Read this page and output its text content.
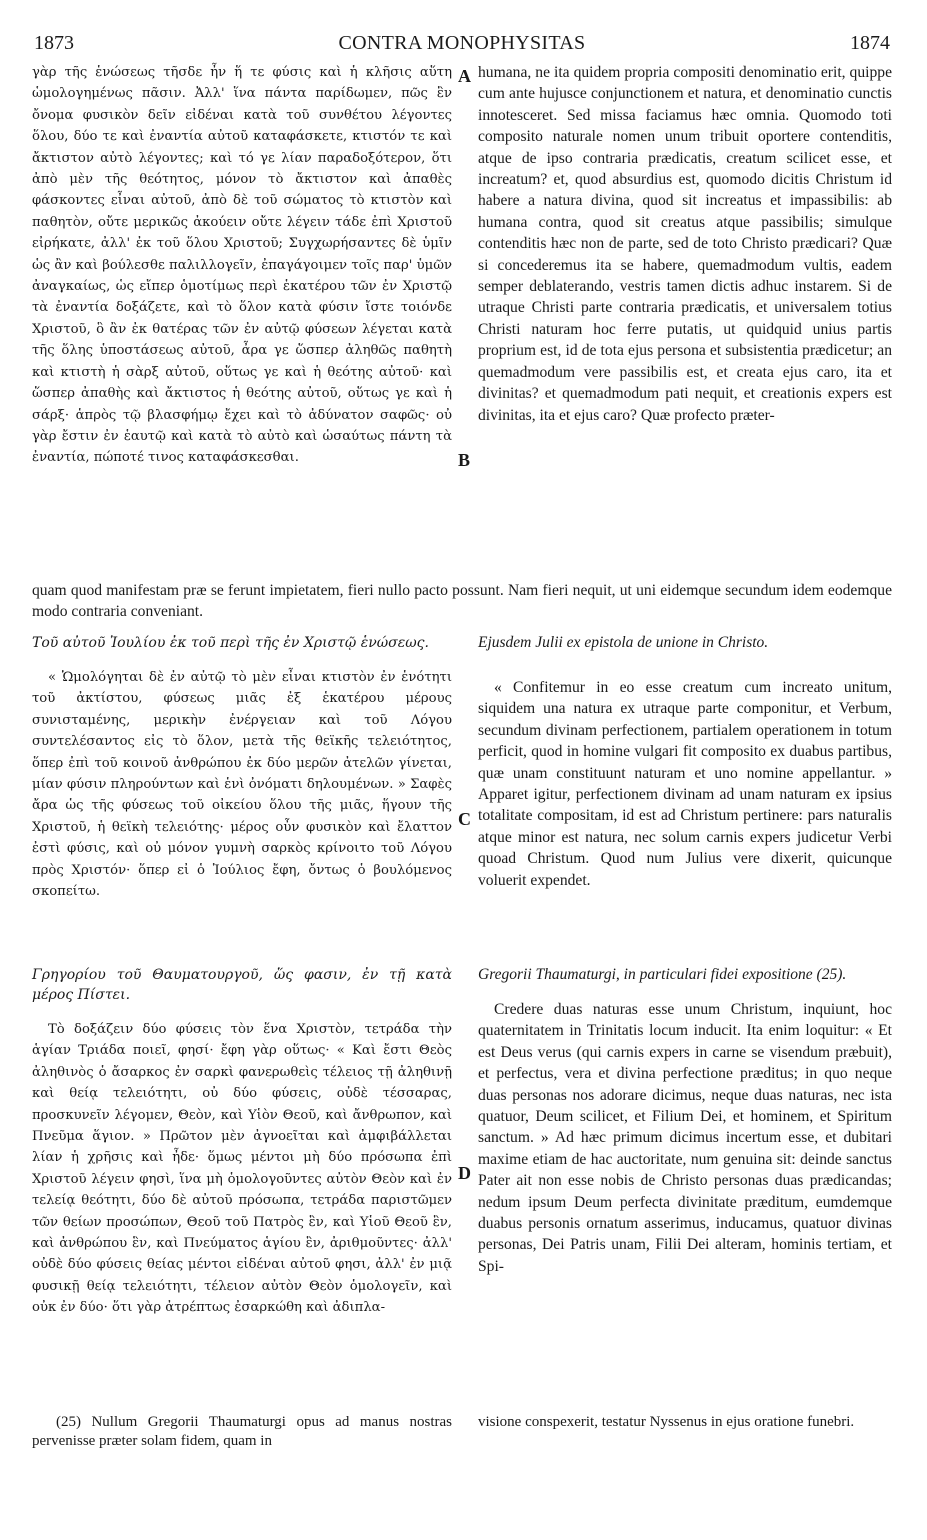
1873	CONTRA MONOPHYSITAS	1874
A
B
C
D

γὰρ τῆς ἑνώσεως τῆσδε ἦν ἥ τε φύσις καὶ ἡ κλῆσις αὕτη ὡμολογημένως πᾶσιν. Ἀλλ' ἵνα πάντα παρίδωμεν, πῶς ἓν ὄνομα φυσικὸν δεῖν εἰδέναι κατὰ τοῦ συνθέτου λέγοντες ὅλου, δύο τε καὶ ἐναντία αὐτοῦ καταφάσκετε, κτιστόν τε καὶ ἄκτιστον αὐτὸ λέγοντες; καὶ τό γε λίαν παραδοξότερον, ὅτι ἀπὸ μὲν τῆς θεότητος, μόνον τὸ ἄκτιστον καὶ ἀπαθὲς φάσκοντες εἶναι αὐτοῦ, ἀπὸ δὲ τοῦ σώματος τὸ κτιστὸν καὶ παθητὸν, οὔτε μερικῶς ἀκούειν οὔτε λέγειν τάδε ἐπὶ Χριστοῦ εἰρήκατε, ἀλλ' ἐκ τοῦ ὅλου Χριστοῦ; Συγχωρήσαντες δὲ ὑμῖν ὡς ἂν καὶ βούλεσθε παλιλλογεῖν, ἐπαγάγοιμεν τοῖς παρ' ὑμῶν ἀναγκαίως, ὡς εἴπερ ὁμοτίμως περὶ ἑκατέρου τῶν ἐν Χριστῷ τὰ ἐναντία δοξάζετε, καὶ τὸ ὅλον κατὰ φύσιν ἴστε τοιόνδε Χριστοῦ, ὃ ἂν ἐκ θατέρας τῶν ἐν αὐτῷ φύσεων λέγεται κατὰ τῆς ὅλης ὑποστάσεως αὐτοῦ, ἆρα γε ὥσπερ ἀληθῶς παθητὴ καὶ κτιστὴ ἡ σὰρξ αὐτοῦ, οὕτως γε καὶ ἡ θεότης αὐτοῦ· καὶ ὥσπερ ἀπαθὴς καὶ ἄκτιστος ἡ θεότης αὐτοῦ, οὕτως γε καὶ ἡ σάρξ· ἁπρὸς τῷ βλασφήμῳ ἔχει καὶ τὸ ἀδύνατον σαφῶς· οὐ γὰρ ἔστιν ἐν ἑαυτῷ καὶ κατὰ τὸ αὐτὸ καὶ ὡσαύτως πάντη τὰ ἐναντία, πώποτέ τινος καταφάσκεσθαι.

humana, ne ita quidem propria compositi denominatio erit, quippe cum ante hujusce conjunctionem et natura, et denominatio cunctis innotesceret. Sed missa faciamus hæc omnia. Quomodo toti composito naturale nomen unum tribuit oportere contenditis, atque de ipso contraria prædicatis, creatum scilicet esse, et increatum? et, quod absurdius est, quomodo dicitis Christum id habere a natura divina, quod sit increatus et impassibilis: ab humana contra, quod sit creatus atque passibilis; simulque contenditis hæc non de parte, sed de toto Christo prædicari? Quæ si concederemus ita se habere, quemadmodum vultis, eadem semper deblaterando, vestris tamen dictis adhuc instarem. Si de utraque Christi parte contraria prædicatis, et universalem totius Christi naturam hoc ferre putatis, ut quidquid unius partis proprium est, id de tota ejus persona et subsistentia prædicetur; an quemadmodum vere passibilis est, et creata ejus caro, ita et divinitas? et quemadmodum pati nequit, et creationis expers est divinitas, ita et ejus caro? Quæ profecto præter-

quam quod manifestam præ se ferunt impietatem, fieri nullo pacto possunt. Nam fieri nequit, ut uni eidemque secundum idem eodemque modo contraria conveniant.

Τοῦ αὐτοῦ Ἰουλίου ἐκ τοῦ περὶ τῆς ἐν Χριστῷ ἑνώσεως.

« Ὡμολόγηται δὲ ἐν αὐτῷ τὸ μὲν εἶναι κτιστὸν ἐν ἑνότητι τοῦ ἀκτίστου, φύσεως μιᾶς ἐξ ἑκατέρου μέρους συνισταμένης, μερικὴν ἐνέργειαν καὶ τοῦ Λόγου συντελέσαντος εἰς τὸ ὅλον, μετὰ τῆς θεϊκῆς τελειότητος, ὅπερ ἐπὶ τοῦ κοινοῦ ἀνθρώπου ἐκ δύο μερῶν ἀτελῶν γίνεται, μίαν φύσιν πληρούντων καὶ ἑνὶ ὀνόματι δηλουμένων. » Σαφὲς ἄρα ὡς τῆς φύσεως τοῦ οἰκείου ὅλου τῆς μιᾶς, ἥγουν τῆς Χριστοῦ, ἡ θεϊκὴ τελειότης· μέρος οὖν φυσικὸν καὶ ἔλαττον ἐστὶ φύσις, καὶ οὐ μόνον γυμνὴ σαρκὸς κρίνοιτο τοῦ Λόγου πρὸς Χριστόν· ὅπερ εἰ ὁ Ἰούλιος ἔφη, ὄντως ὁ βουλόμενος σκοπείτω.

Ejusdem Julii ex epistola de unione in Christo.

« Confitemur in eo esse creatum cum increato unitum, siquidem una natura ex utraque parte componitur, et Verbum, secundum divinam perfectionem, partialem operationem in totum perficit, quod in homine vulgari fit composito ex duabus partibus, quæ unam constituunt naturam et uno nomine appellantur. » Apparet igitur, perfectionem divinam ad unam naturam ex ipsius totalitate compositam, id est ad Christum pertinere: pars naturalis atque minor est natura, nec solum carnis expers judicetur Verbi quoad Christum. Quod num Julius vere dixerit, quicunque voluerit expendet.

Γρηγορίου τοῦ Θαυματουργοῦ, ὥς φασιν, ἐν τῇ κατὰ μέρος Πίστει.

Τὸ δοξάζειν δύο φύσεις τὸν ἕνα Χριστὸν, τετράδα τὴν ἁγίαν Τριάδα ποιεῖ, φησί· ἔφη γὰρ οὕτως· « Καὶ ἔστι Θεὸς ἀληθινὸς ὁ ἄσαρκος ἐν σαρκὶ φανερωθεὶς τέλειος τῇ ἀληθινῇ καὶ θείᾳ τελειότητι, οὐ δύο φύσεις, οὐδὲ τέσσαρας, προσκυνεῖν λέγομεν, Θεὸν, καὶ Υἱὸν Θεοῦ, καὶ ἄνθρωπον, καὶ Πνεῦμα ἅγιον. » Πρῶτον μὲν ἀγνοεῖται καὶ ἀμφιβάλλεται λίαν ἡ χρῆσις καὶ ἦδε· ὅμως μέντοι μὴ δύο πρόσωπα ἐπὶ Χριστοῦ λέγειν φησὶ, ἵνα μὴ ὁμολογοῦντες αὐτὸν Θεὸν καὶ ἐν τελείᾳ θεότητι, δύο δὲ αὐτοῦ πρόσωπα, τετράδα παριστῶμεν τῶν θείων προσώπων, Θεοῦ τοῦ Πατρὸς ἓν, καὶ Υἱοῦ Θεοῦ ἓν, καὶ ἀνθρώπου ἓν, καὶ Πνεύματος ἁγίου ἓν, ἀριθμοῦντες· ἀλλ' οὐδὲ δύο φύσεις θείας μέντοι εἰδέναι αὐτοῦ φησι, ἀλλ' ἐν μιᾷ φυσικῇ θείᾳ τελειότητι, τέλειον αὐτὸν Θεὸν ὁμολογεῖν, καὶ οὐκ ἐν δύο· ὅτι γὰρ ἀτρέπτως ἐσαρκώθη καὶ ἀδιπλα-

Gregorii Thaumaturgi, in particulari fidei expositione (25).

Credere duas naturas esse unum Christum, inquiunt, hoc quaternitatem in Trinitatis locum inducit. Ita enim loquitur: « Et est Deus verus (qui carnis expers in carne se visendum præbuit), et perfectus, vera et divina perfectione præditus; in quo neque duas personas nos adorare dicimus, neque duas naturas, nec ista quatuor, Deum scilicet, et Filium Dei, et hominem, et Spiritum sanctum. » Ad hæc primum dicimus incertum esse, et dubitari maxime etiam de hac auctoritate, num genuina sit: deinde sanctus Pater ait non esse nobis de Christo personas duas prædicandas; nedum ipsum Deum perfecta divinitate præditum, eumdemque duabus personis ornatum asserimus, inducamus, quatuor divinas personas, Dei Patris unam, Filii Dei alteram, hominis tertiam, et Spi-

(25) Nullum Gregorii Thaumaturgi opus ad manus nostras pervenisse præter solam fidem, quam in

visione conspexerit, testatur Nyssenus in ejus oratione funebri.
